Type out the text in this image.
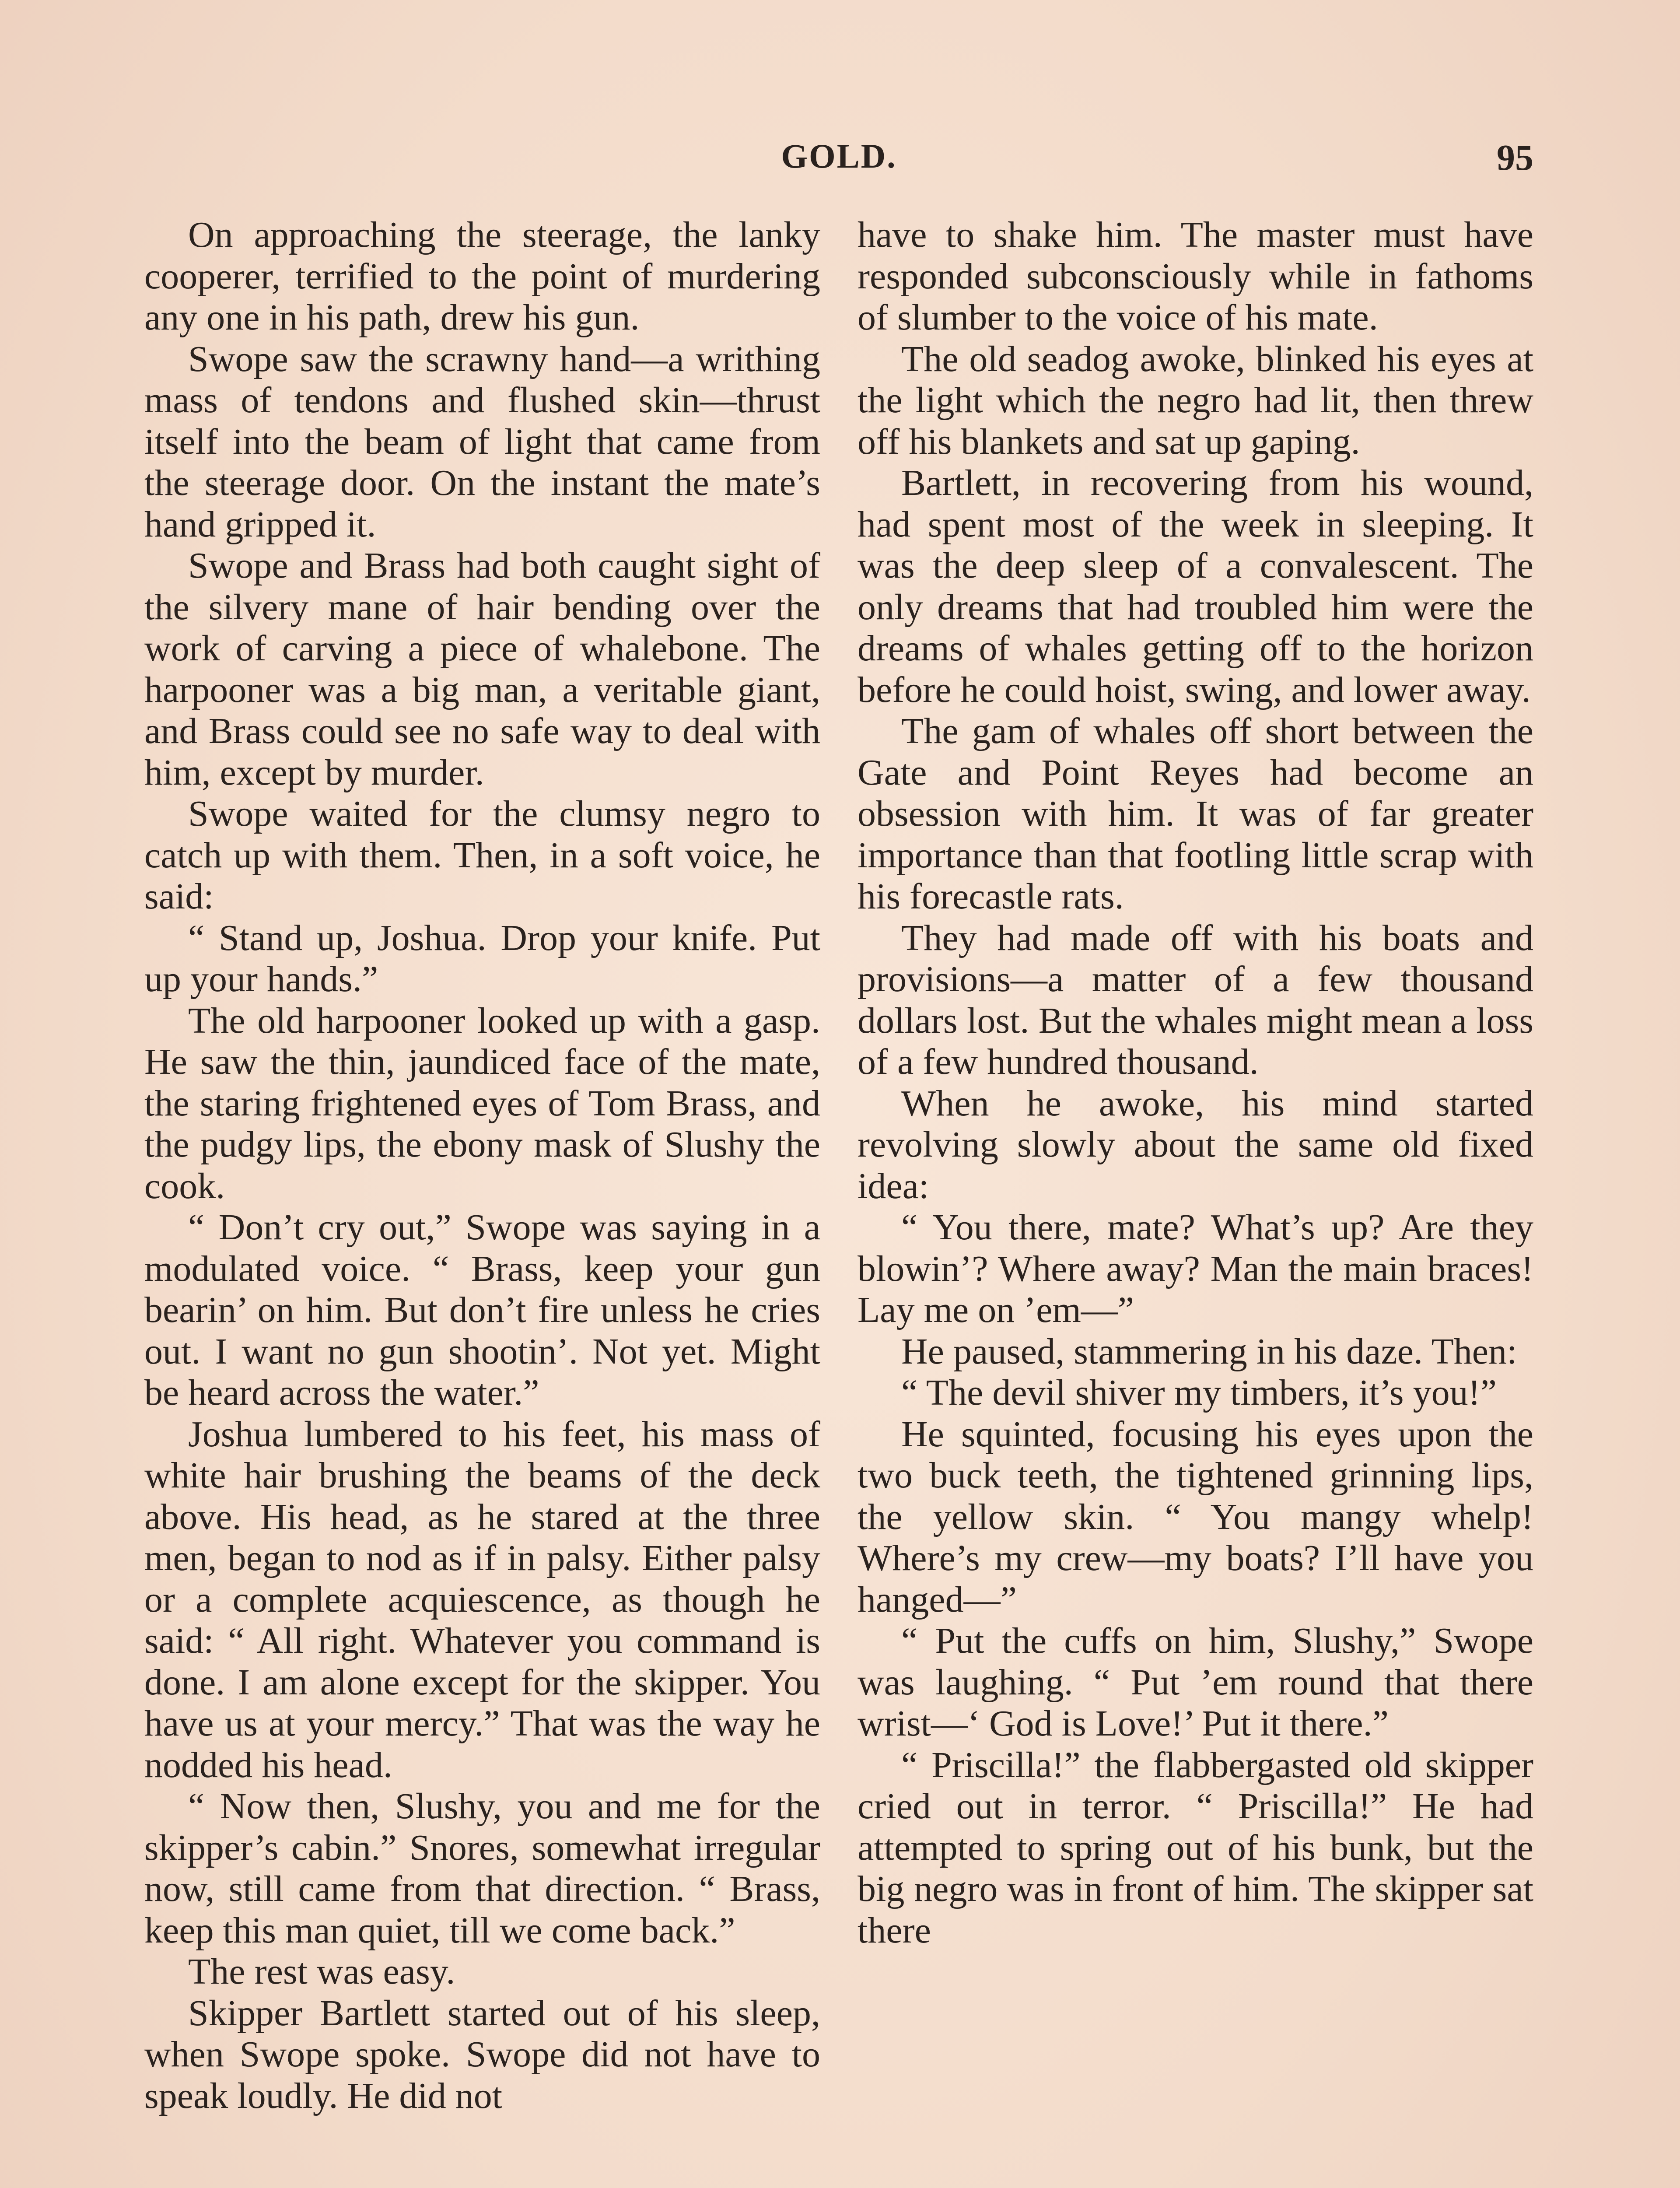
GOLD.	95

On approaching the steerage, the lanky cooperer, terrified to the point of murdering any one in his path, drew his gun.

Swope saw the scrawny hand—a writhing mass of tendons and flushed skin—thrust itself into the beam of light that came from the steerage door. On the instant the mate’s hand gripped it.

Swope and Brass had both caught sight of the silvery mane of hair bending over the work of carving a piece of whalebone. The harpooner was a big man, a veritable giant, and Brass could see no safe way to deal with him, except by murder.

Swope waited for the clumsy negro to catch up with them. Then, in a soft voice, he said:

“ Stand up, Joshua. Drop your knife. Put up your hands.”

The old harpooner looked up with a gasp. He saw the thin, jaundiced face of the mate, the staring frightened eyes of Tom Brass, and the pudgy lips, the ebony mask of Slushy the cook.

“ Don’t cry out,” Swope was saying in a modulated voice. “ Brass, keep your gun bearin’ on him. But don’t fire unless he cries out. I want no gun shootin’. Not yet. Might be heard across the water.”

Joshua lumbered to his feet, his mass of white hair brushing the beams of the deck above. His head, as he stared at the three men, began to nod as if in palsy. Either palsy or a complete acquiescence, as though he said: “ All right. Whatever you command is done. I am alone except for the skipper. You have us at your mercy.” That was the way he nodded his head.

“ Now then, Slushy, you and me for the skipper’s cabin.” Snores, somewhat irregular now, still came from that direction. “ Brass, keep this man quiet, till we come back.”

The rest was easy.

Skipper Bartlett started out of his sleep, when Swope spoke. Swope did not have to speak loudly. He did not

have to shake him. The master must have responded subconsciously while in fathoms of slumber to the voice of his mate.

The old seadog awoke, blinked his eyes at the light which the negro had lit, then threw off his blankets and sat up gaping.

Bartlett, in recovering from his wound, had spent most of the week in sleeping. It was the deep sleep of a convalescent. The only dreams that had troubled him were the dreams of whales getting off to the horizon before he could hoist, swing, and lower away.

The gam of whales off short between the Gate and Point Reyes had become an obsession with him. It was of far greater importance than that footling little scrap with his forecastle rats.

They had made off with his boats and provisions—a matter of a few thousand dollars lost. But the whales might mean a loss of a few hundred thousand.

When he awoke, his mind started revolving slowly about the same old fixed idea:

“ You there, mate? What’s up? Are they blowin’? Where away? Man the main braces! Lay me on ’em—”

He paused, stammering in his daze. Then:

“ The devil shiver my timbers, it’s you!”

He squinted, focusing his eyes upon the two buck teeth, the tightened grinning lips, the yellow skin. “ You mangy whelp! Where’s my crew—my boats? I’ll have you hanged—”

“ Put the cuffs on him, Slushy,” Swope was laughing. “ Put ’em round that there wrist—‘ God is Love!’ Put it there.”

“ Priscilla!” the flabbergasted old skipper cried out in terror. “ Priscilla!” He had attempted to spring out of his bunk, but the big negro was in front of him. The skipper sat there
